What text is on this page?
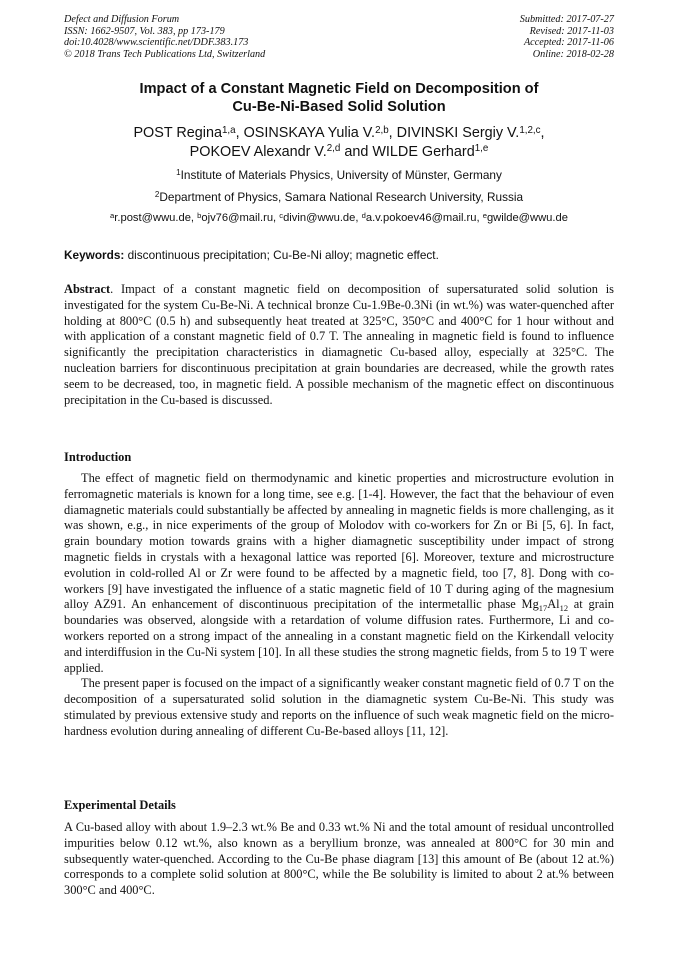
Defect and Diffusion Forum
ISSN: 1662-9507, Vol. 383, pp 173-179
doi:10.4028/www.scientific.net/DDF.383.173
© 2018 Trans Tech Publications Ltd, Switzerland
Submitted: 2017-07-27
Revised: 2017-11-03
Accepted: 2017-11-06
Online: 2018-02-28
Impact of a Constant Magnetic Field on Decomposition of
Cu-Be-Ni-Based Solid Solution
POST Regina$^{1,a}$, OSINSKAYA Yulia V.$^{2,b}$, DIVINSKI Sergiy V.$^{1,2,c}$,
POKOEV Alexandr V.$^{2,d}$ and WILDE Gerhard$^{1,e}$
$^1$Institute of Materials Physics, University of Münster, Germany
$^2$Department of Physics, Samara National Research University, Russia
$^a$r.post@wwu.de, $^b$ojv76@mail.ru, $^c$divin@wwu.de, $^d$a.v.pokoev46@mail.ru, $^e$gwilde@wwu.de
Keywords: discontinuous precipitation; Cu-Be-Ni alloy; magnetic effect.
Abstract. Impact of a constant magnetic field on decomposition of supersaturated solid solution is investigated for the system Cu-Be-Ni. A technical bronze Cu-1.9Be-0.3Ni (in wt.%) was water-quenched after holding at 800°C (0.5 h) and subsequently heat treated at 325°C, 350°C and 400°C for 1 hour without and with application of a constant magnetic field of 0.7 T. The annealing in magnetic field is found to influence significantly the precipitation characteristics in diamagnetic Cu-based alloy, especially at 325°C. The nucleation barriers for discontinuous precipitation at grain boundaries are decreased, while the growth rates seem to be decreased, too, in magnetic field. A possible mechanism of the magnetic effect on discontinuous precipitation in the Cu-based is discussed.
Introduction

The effect of magnetic field on thermodynamic and kinetic properties and microstructure evolution in ferromagnetic materials is known for a long time, see e.g. [1-4]. However, the fact that the behaviour of even diamagnetic materials could substantially be affected by annealing in magnetic fields is more challenging, as it was shown, e.g., in nice experiments of the group of Molodov with co-workers for Zn or Bi [5, 6]. In fact, grain boundary motion towards grains with a higher diamagnetic susceptibility under impact of strong magnetic fields in crystals with a hexagonal lattice was reported [6]. Moreover, texture and microstructure evolution in cold-rolled Al or Zr were found to be affected by a magnetic field, too [7, 8]. Dong with co-workers [9] have investigated the influence of a static magnetic field of 10 T during aging of the magnesium alloy AZ91. An enhancement of discontinuous precipitation of the intermetallic phase $Mg_{17}Al_{12}$ at grain boundaries was observed, alongside with a retardation of volume diffusion rates. Furthermore, Li and co-workers reported on a strong impact of the annealing in a constant magnetic field on the Kirkendall velocity and interdiffusion in the Cu-Ni system [10]. In all these studies the strong magnetic fields, from 5 to 19 T were applied.

The present paper is focused on the impact of a significantly weaker constant magnetic field of 0.7 T on the decomposition of a supersaturated solid solution in the diamagnetic system Cu-Be-Ni. This study was stimulated by previous extensive study and reports on the influence of such weak magnetic field on the micro-hardness evolution during annealing of different Cu-Be-based alloys [11, 12].

Experimental Details

A Cu-based alloy with about 1.9–2.3 wt.% Be and 0.33 wt.% Ni and the total amount of residual uncontrolled impurities below 0.12 wt.%, also known as a beryllium bronze, was annealed at 800°C for 30 min and subsequently water-quenched. According to the Cu-Be phase diagram [13] this amount of Be (about 12 at.%) corresponds to a complete solid solution at 800°C, while the Be solubility is limited to about 2 at.% between 300°C and 400°C.
